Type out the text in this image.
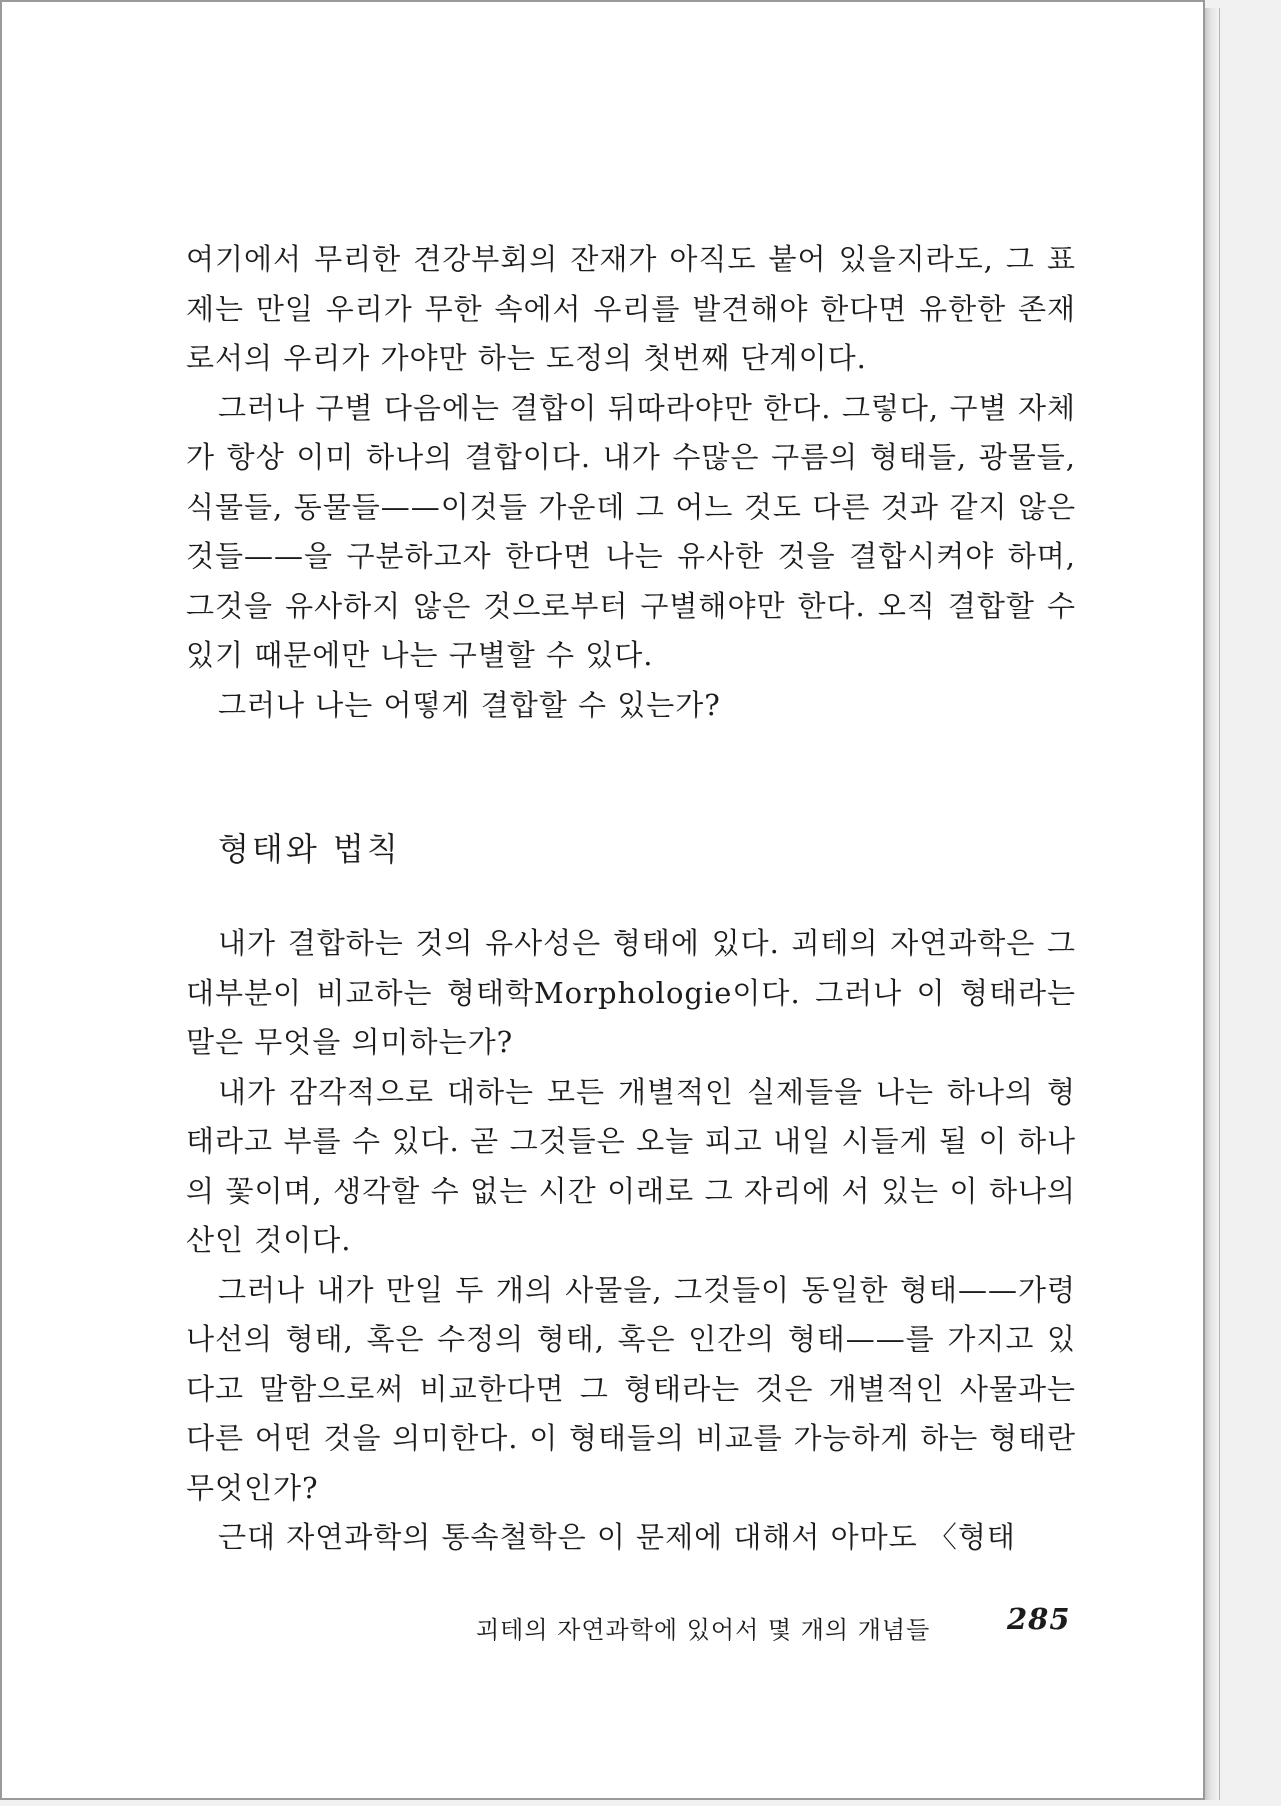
여기에서 무리한 견강부회의 잔재가 아직도 붙어 있을지라도, 그 표제는 만일 우리가 무한 속에서 우리를 발견해야 한다면 유한한 존재로서의 우리가 가야만 하는 도정의 첫번째 단계이다.

그러나 구별 다음에는 결합이 뒤따라야만 한다. 그렇다, 구별 자체가 항상 이미 하나의 결합이다. 내가 수많은 구름의 형태들, 광물들, 식물들, 동물들——이것들 가운데 그 어느 것도 다른 것과 같지 않은 것들——을 구분하고자 한다면 나는 유사한 것을 결합시켜야 하며, 그것을 유사하지 않은 것으로부터 구별해야만 한다. 오직 결합할 수 있기 때문에만 나는 구별할 수 있다.

그러나 나는 어떻게 결합할 수 있는가?

형태와 법칙

내가 결합하는 것의 유사성은 형태에 있다. 괴테의 자연과학은 그 대부분이 비교하는 형태학Morphologie이다. 그러나 이 형태라는 말은 무엇을 의미하는가?

내가 감각적으로 대하는 모든 개별적인 실제들을 나는 하나의 형태라고 부를 수 있다. 곧 그것들은 오늘 피고 내일 시들게 될 이 하나의 꽃이며, 생각할 수 없는 시간 이래로 그 자리에 서 있는 이 하나의 산인 것이다.

그러나 내가 만일 두 개의 사물을, 그것들이 동일한 형태——가령 나선의 형태, 혹은 수정의 형태, 혹은 인간의 형태——를 가지고 있다고 말함으로써 비교한다면 그 형태라는 것은 개별적인 사물과는 다른 어떤 것을 의미한다. 이 형태들의 비교를 가능하게 하는 형태란 무엇인가?

근대 자연과학의 통속철학은 이 문제에 대해서 아마도 〈형태

괴테의 자연과학에 있어서 몇 개의 개념들	285
